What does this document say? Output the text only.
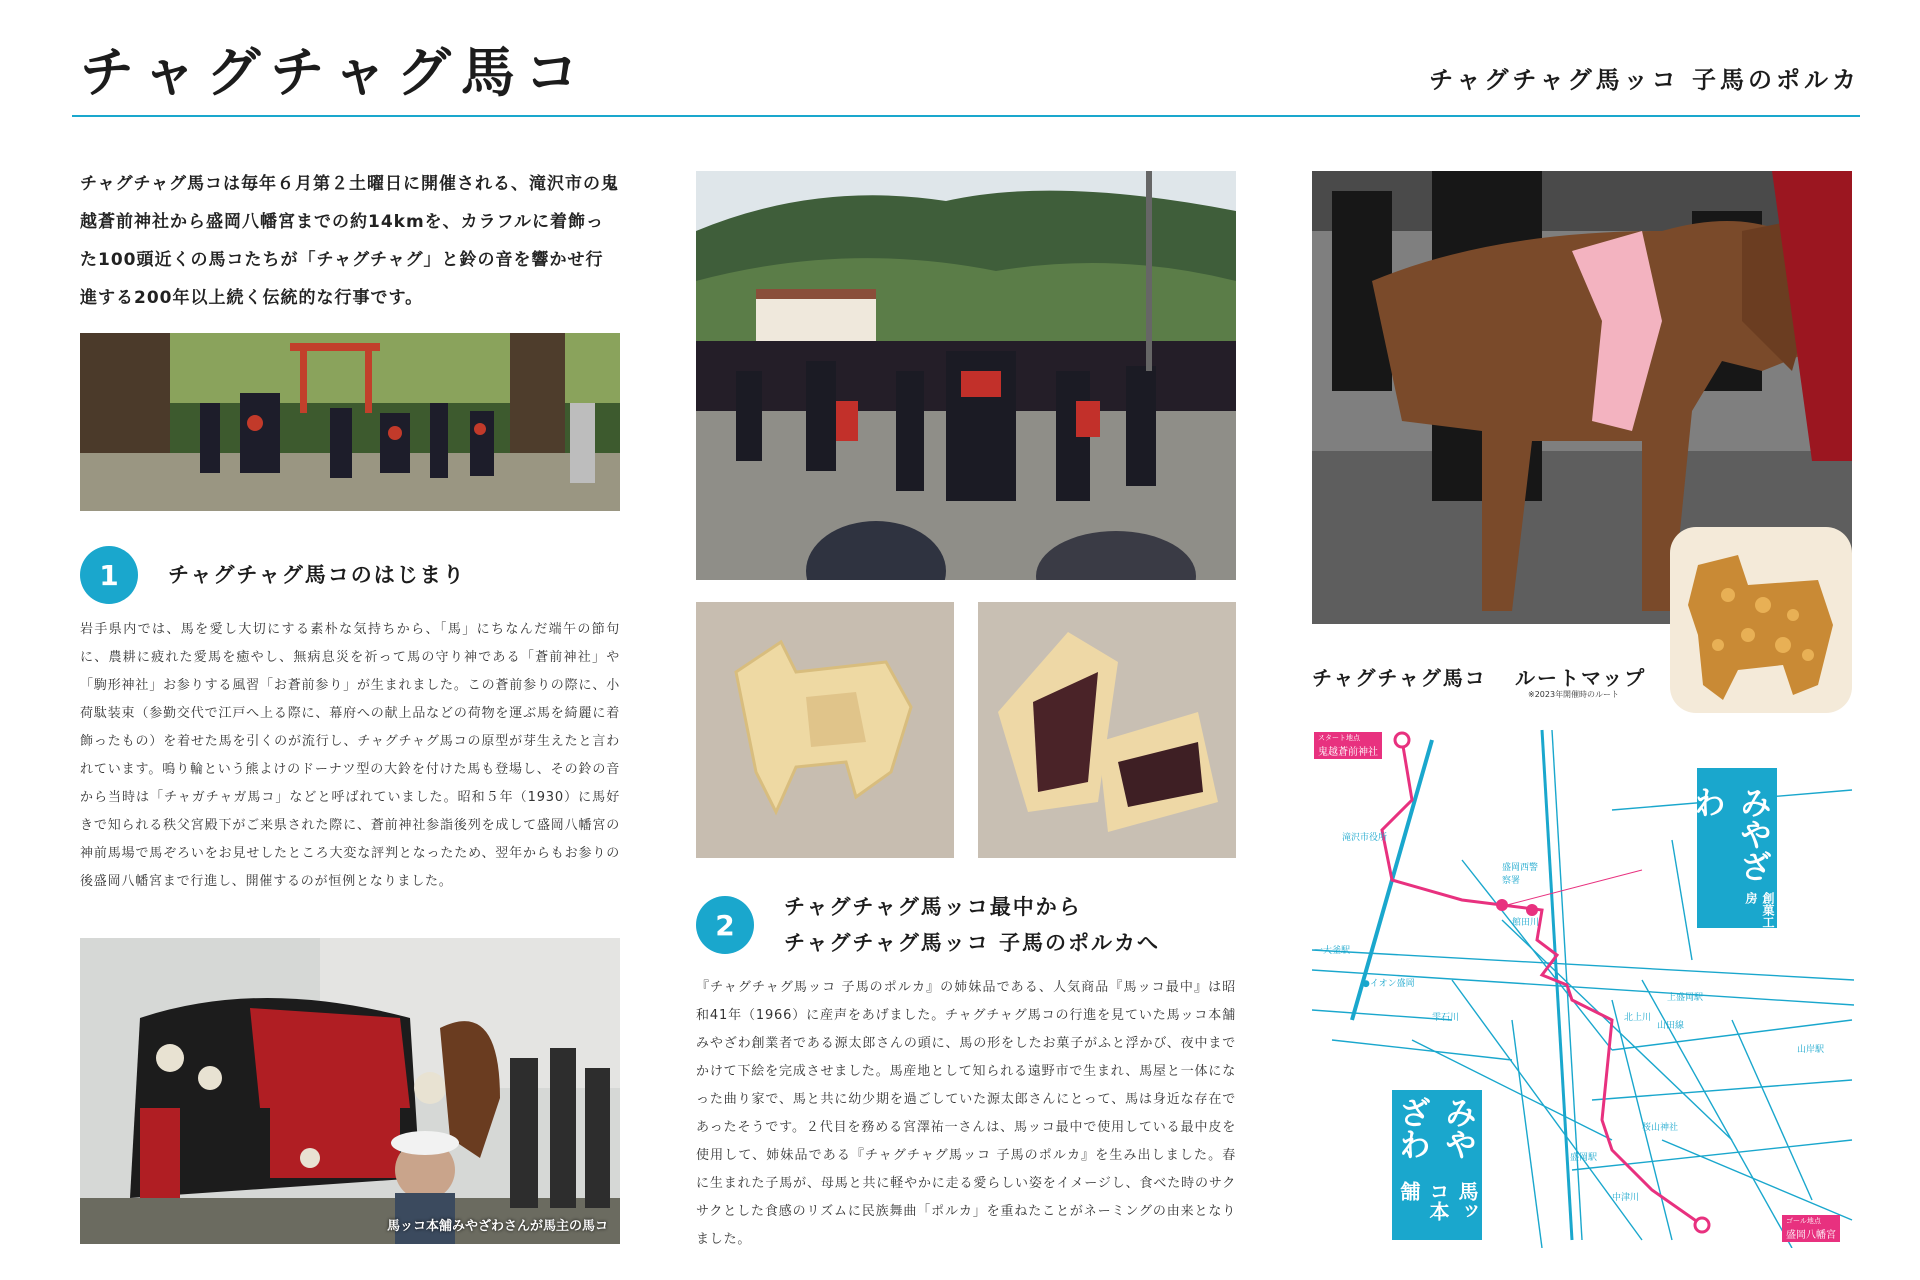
チャグチャグ馬コ	チャグチャグ馬ッコ 子馬のポルカ
チャグチャグ馬コは毎年６月第２土曜日に開催される、滝沢市の鬼越蒼前神社から盛岡八幡宮までの約14kmを、カラフルに着飾った100頭近くの馬コたちが「チャグチャグ」と鈴の音を響かせ行進する200年以上続く伝統的な行事です。
1	チャグチャグ馬コのはじまり
岩手県内では、馬を愛し大切にする素朴な気持ちから、「馬」にちなんだ端午の節句に、農耕に疲れた愛馬を癒やし、無病息災を祈って馬の守り神である「蒼前神社」や「駒形神社」お参りする風習「お蒼前参り」が生まれました。この蒼前参りの際に、小荷駄装束（参勤交代で江戸へ上る際に、幕府への献上品などの荷物を運ぶ馬を綺麗に着飾ったもの）を着せた馬を引くのが流行し、チャグチャグ馬コの原型が芽生えたと言われています。鳴り輪という熊よけのドーナツ型の大鈴を付けた馬も登場し、その鈴の音から当時は「チャガチャガ馬コ」などと呼ばれていました。昭和５年（1930）に馬好きで知られる秩父宮殿下がご来県された際に、蒼前神社参詣後列を成して盛岡八幡宮の神前馬場で馬ぞろいをお見せしたところ大変な評判となったため、翌年からもお参りの後盛岡八幡宮まで行進し、開催するのが恒例となりました。
馬ッコ本舗みやざわさんが馬主の馬コ
2
チャグチャグ馬ッコ最中から
チャグチャグ馬ッコ 子馬のポルカへ
『チャグチャグ馬ッコ 子馬のポルカ』の姉妹品である、人気商品『馬ッコ最中』は昭和41年（1966）に産声をあげました。チャグチャグ馬コの行進を見ていた馬ッコ本舗みやざわ創業者である源太郎さんの頭に、馬の形をしたお菓子がふと浮かび、夜中までかけて下絵を完成させました。馬産地として知られる遠野市で生まれ、馬屋と一体になった曲り家で、馬と共に幼少期を過ごしていた源太郎さんにとって、馬は身近な存在であったそうです。２代目を務める宮澤祐一さんは、馬ッコ最中で使用している最中皮を使用して、姉妹品である『チャグチャグ馬ッコ 子馬のポルカ』を生み出しました。春に生まれた子馬が、母馬と共に軽やかに走る愛らしい姿をイメージし、食べた時のサクサクとした食感のリズムに民族舞曲「ポルカ」を重ねたことがネーミングの由来となりました。
チャグチャグ馬コ ルートマップ
※2023年開催時のルート
スタート地点
鬼越蒼前神社
ゴール地点
盛岡八幡宮
滝沢市役所
盛岡西警察署
一大釜駅
●イオン盛岡
雫石川
館田川
北上川
中津川
山田線
山岸駅
桜山神社
盛岡駅
上盛岡駅
創菓工房
みやざわ
馬ッコ本舗
みやざわ
